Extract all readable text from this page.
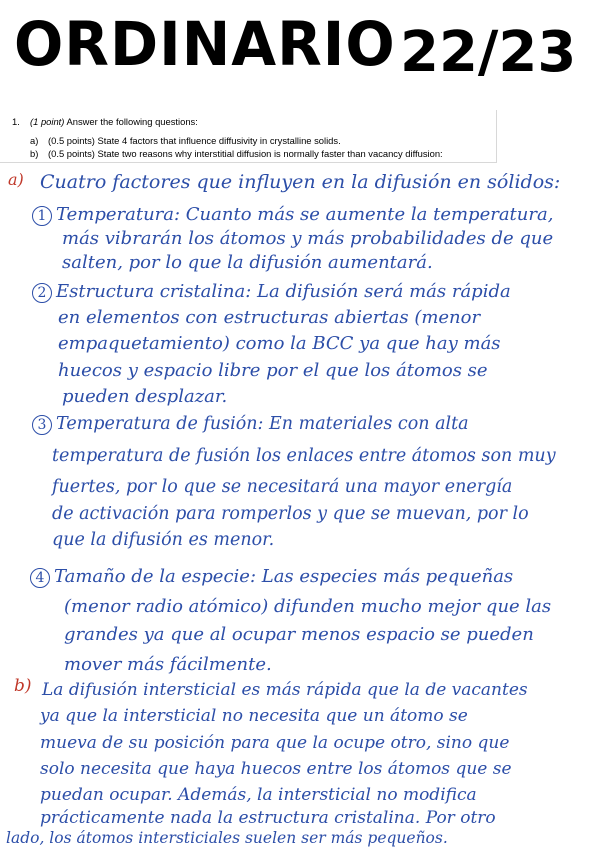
ORDINARIO 22/23
1. (1 point) Answer the following questions:
a) (0.5 points) State 4 factors that influence diffusivity in crystalline solids.
b) (0.5 points) State two reasons why interstitial diffusion is normally faster than vacancy diffusion:
a) Cuatro factores que influyen en la difusión en sólidos:
1 Temperatura: Cuanto más se aumente la temperatura,
más vibrarán los átomos y más probabilidades de que
salten, por lo que la difusión aumentará.
2 Estructura cristalina: La difusión será más rápida
en elementos con estructuras abiertas (menor
empaquetamiento) como la BCC ya que hay más
huecos y espacio libre por el que los átomos se
pueden desplazar.
3 Temperatura de fusión: En materiales con alta
temperatura de fusión los enlaces entre átomos son muy
fuertes, por lo que se necesitará una mayor energía
de activación para romperlos y que se muevan, por lo
que la difusión es menor.
4 Tamaño de la especie: Las especies más pequeñas
(menor radio atómico) difunden mucho mejor que las
grandes ya que al ocupar menos espacio se pueden
mover más fácilmente.
b) La difusión intersticial es más rápida que la de vacantes
ya que la intersticial no necesita que un átomo se
mueva de su posición para que la ocupe otro, sino que
solo necesita que haya huecos entre los átomos que se
puedan ocupar. Además, la intersticial no modifica
prácticamente nada la estructura cristalina. Por otro
lado, los átomos intersticiales suelen ser más pequeños.
